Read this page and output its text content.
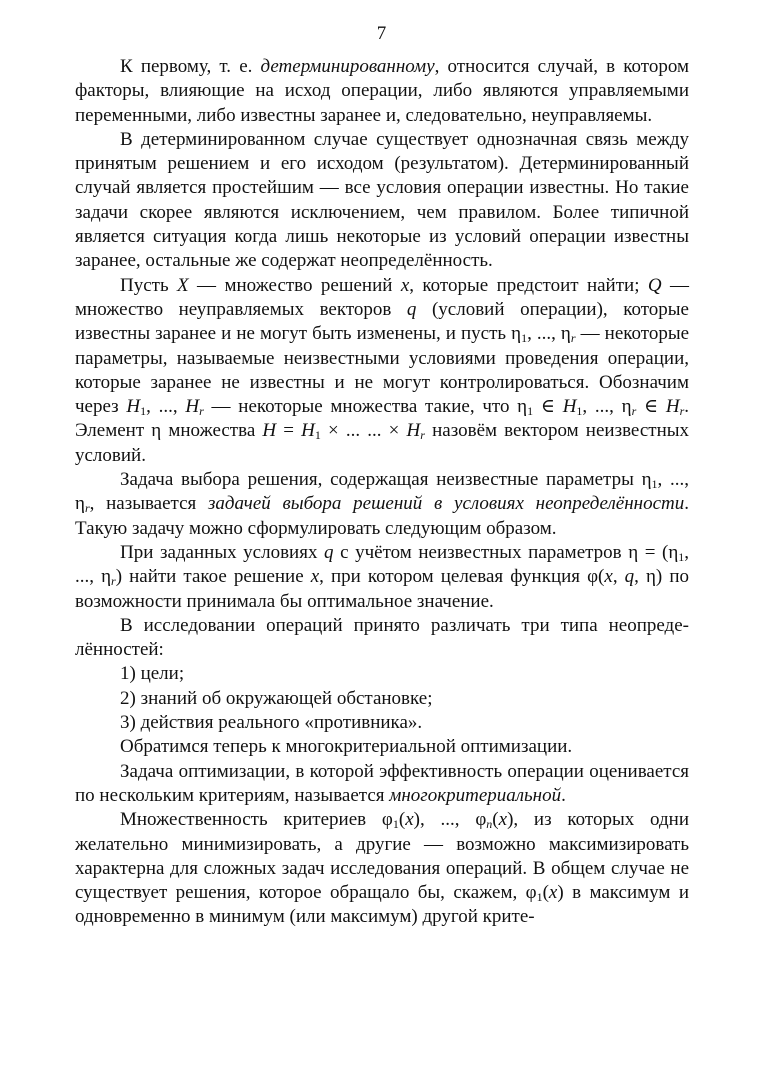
7

К первому, т. е. детерминированному, относится случай, в котором факторы, влияющие на исход операции, либо являются управляемыми переменными, либо известны заранее и, следовательно, неуправляемы.

В детерминированном случае существует однозначная связь между принятым решением и его исходом (результатом). Детерминированный случай является простейшим — все условия операции известны. Но такие задачи скорее являются исключением, чем правилом. Более типичной является ситуация когда лишь некоторые из условий операции известны заранее, остальные же содержат неопределённость.

Пусть X — множество решений x, которые предстоит найти; Q — множество неуправляемых векторов q (условий операции), которые известны заранее и не могут быть изменены, и пусть $\eta_1$, ..., $\eta_r$ — некоторые параметры, называемые неизвестными условиями проведения операции, которые заранее не известны и не могут контролироваться. Обозначим через $H_1$, ..., $H_r$ — некоторые множества такие, что $\eta_1$ ∈ $H_1$, ..., $\eta_r$ ∈ $H_r$. Элемент η множества $H = H_1$ × ... ... × $H_r$ назовём вектором неизвестных условий.

Задача выбора решения, содержащая неизвестные параметры $\eta_1$, ..., $\eta_r$, называется задачей выбора решений в условиях неопределённости. Такую задачу можно сформулировать следующим образом.

При заданных условиях q с учётом неизвестных параметров $\eta = (\eta_1$, ..., $\eta_r$) найти такое решение x, при котором целевая функция φ(x, q, η) по возможности принимала бы оптимальное значение.

В исследовании операций принято различать три типа неопределённостей:

1) цели;

2) знаний об окружающей обстановке;

3) действия реального «противника».

Обратимся теперь к многокритериальной оптимизации.

Задача оптимизации, в которой эффективность операции оценивается по нескольким критериям, называется многокритериальной.

Множественность критериев $\varphi_1(x)$, ..., $\varphi_n(x)$, из которых одни желательно минимизировать, а другие — возможно максимизировать характерна для сложных задач исследования операций. В общем случае не существует решения, которое обращало бы, скажем, $\varphi_1(x)$ в максимум и одновременно в минимум (или максимум) другой крите-
